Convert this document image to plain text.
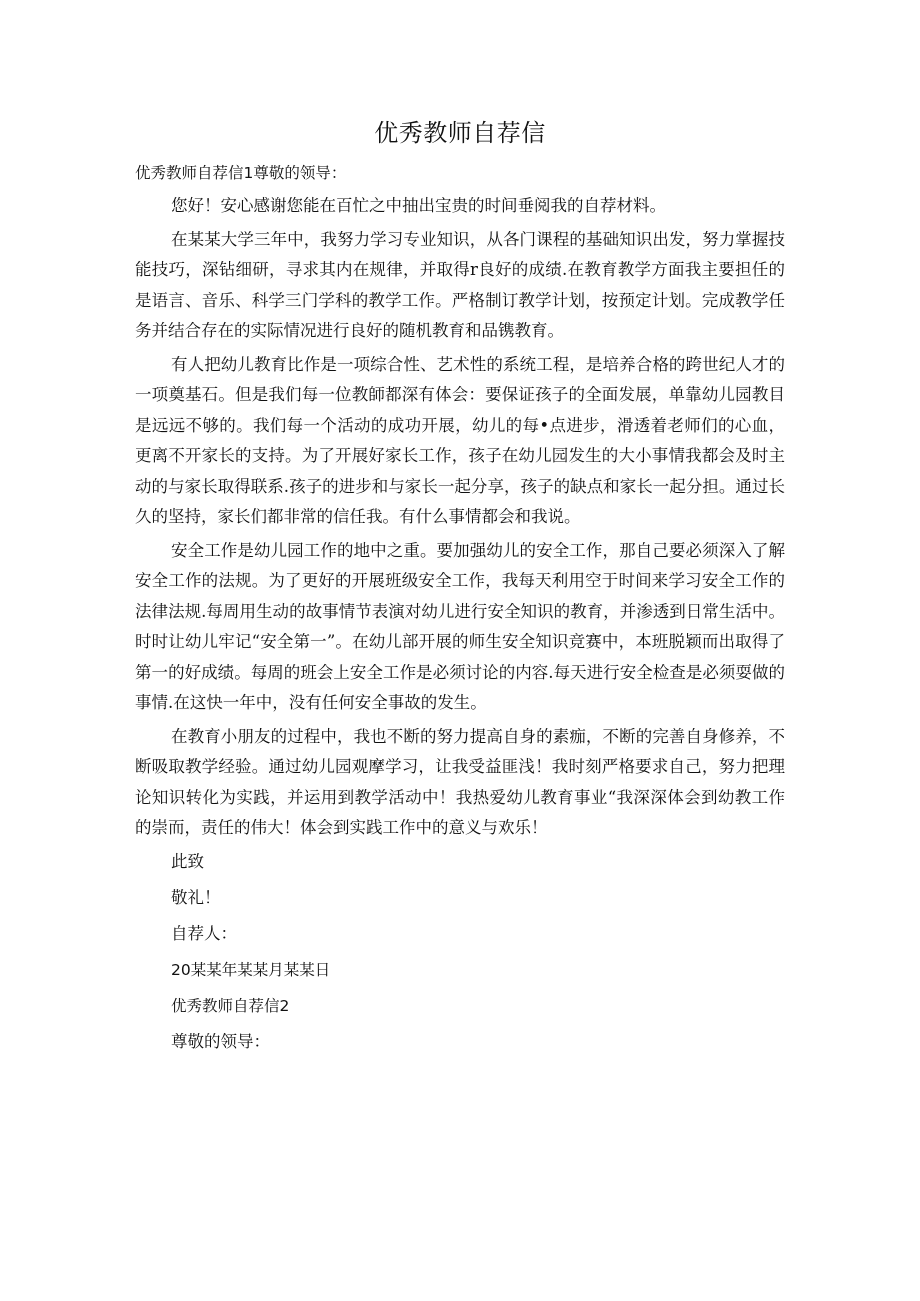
优秀教师自荐信

优秀教师自荐信1尊敬的领导：

您好！安心感谢您能在百忙之中抽出宝贵的时间垂阅我的自荐材料。

在某某大学三年中，我努力学习专业知识，从各门课程的基础知识出发，努力掌握技能技巧，深钻细研，寻求其内在规律，并取得r良好的成绩.在教育教学方面我主要担任的是语言、音乐、科学三门学科的教学工作。严格制订教学计划，按预定计划。完成教学任务并结合存在的实际情况进行良好的随机教育和品镌教育。

有人把幼儿教育比作是一项综合性、艺术性的系统工程，是培养合格的跨世纪人才的一项奠基石。但是我们每一位教師都深有体会：要保证孩子的全面发展，单靠幼儿园教目是远远不够的。我们每一个活动的成功开展，幼儿的每•点进步，滑透着老师们的心血，更离不开家长的支持。为了开展好家长工作，孩子在幼儿园发生的大小事情我都会及时主动的与家长取得联系.孩子的进步和与家长一起分享，孩子的缺点和家长一起分担。通过长久的坚持，家长们都非常的信任我。有什么事情都会和我说。

安全工作是幼儿园工作的地中之重。要加强幼儿的安全工作，那自己要必须深入了解安全工作的法规。为了更好的开展班级安全工作，我每天利用空于时间来学习安全工作的法律法规.每周用生动的故事情节表演对幼儿进行安全知识的教育，并渗透到日常生活中。时时让幼儿牢记“安全第一”。在幼儿部开展的师生安全知识竞赛中，本班脱颖而出取得了第一的好成绩。每周的班会上安全工作是必须讨论的内容.每天进行安全检查是必须耍做的事情.在这快一年中，没有任何安全事故的发生。

在教育小朋友的过程中，我也不断的努力提高自身的素痂，不断的完善自身修养，不断吸取教学经验。通过幼儿园观摩学习，让我受益匪浅！我时刻严格要求自己，努力把理论知识转化为实践，并运用到教学活动中！我热爱幼儿教育事业“我深深体会到幼教工作的崇而，责任的伟大！体会到实践工作中的意义与欢乐！

此致

敬礼！

自荐人：

20某某年某某月某某日

优秀教师自荐信2

尊敬的领导：
